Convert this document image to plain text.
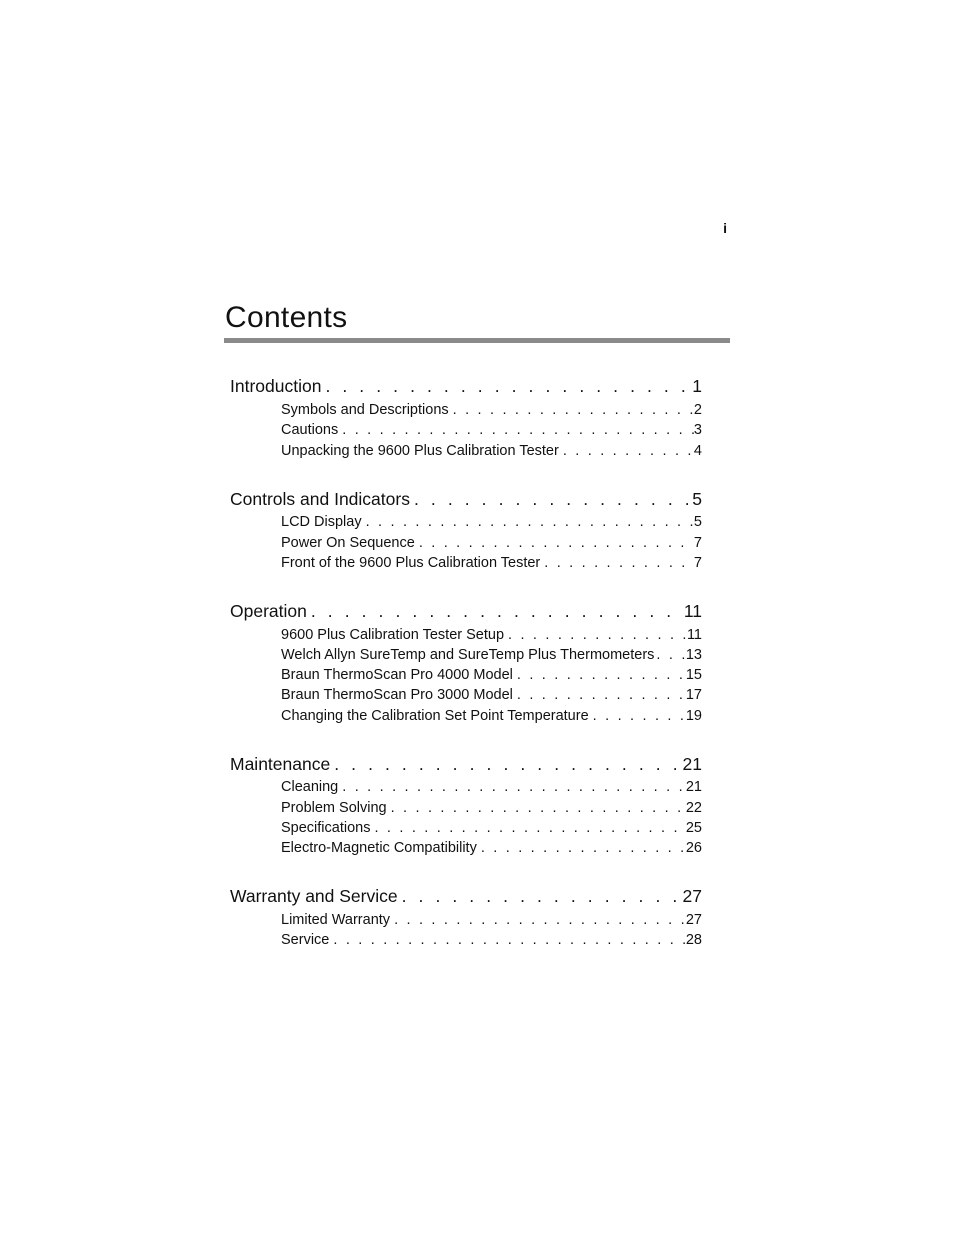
i
Contents
Introduction . . .	1
Symbols and Descriptions . . .	2
Cautions . . .	3
Unpacking the 9600 Plus Calibration Tester . . .	4
Controls and Indicators . . .	5
LCD Display . . .	5
Power On Sequence . . .	7
Front of the 9600 Plus Calibration Tester . . .	7
Operation . . .	11
9600 Plus Calibration Tester Setup . . .	11
Welch Allyn SureTemp and SureTemp Plus Thermometers . . . 13
Braun ThermoScan Pro 4000 Model . . .	15
Braun ThermoScan Pro 3000 Model . . .	17
Changing the Calibration Set Point Temperature . . .	19
Maintenance . . .	21
Cleaning . . .	21
Problem Solving . . .	22
Specifications . . .	25
Electro-Magnetic Compatibility . . .	26
Warranty and Service . . .	27
Limited Warranty . . .	27
Service . . .	28
